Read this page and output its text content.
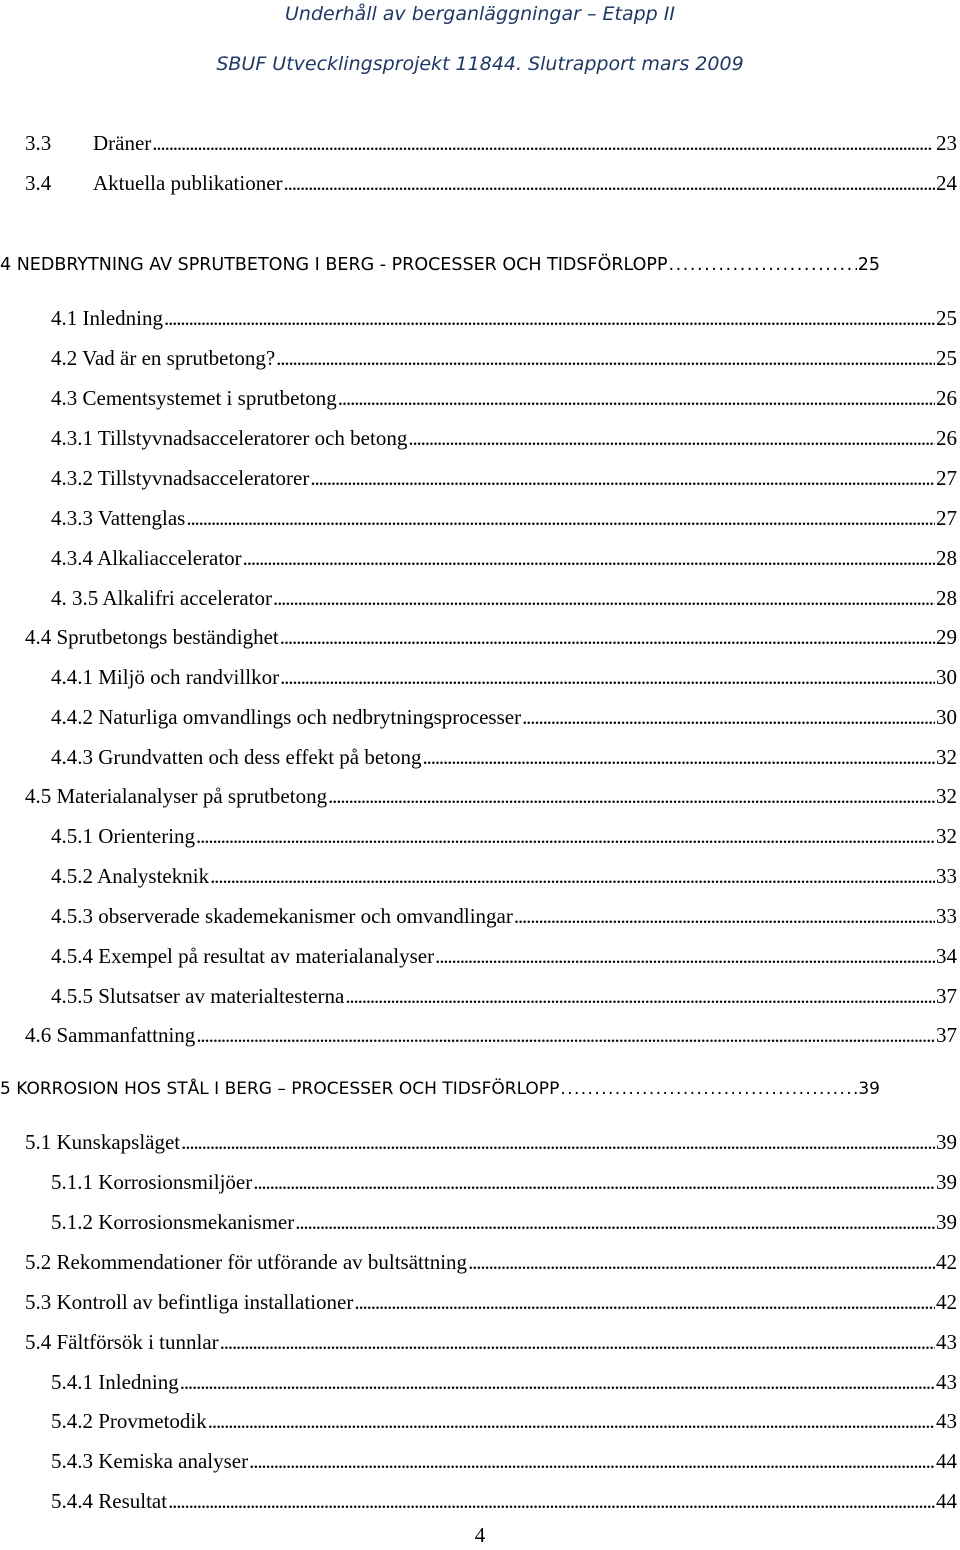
Underhåll av berganläggningar – Etapp II
SBUF Utvecklingsprojekt 11844. Slutrapport mars 2009
3.3 Dräner . . .	23
3.4 Aktuella publikationer . . .	24
4 NEDBRYTNING AV SPRUTBETONG I BERG - PROCESSER OCH TIDSFÖRLOPP . . .	25
4.1 Inledning . . .	25
4.2 Vad är en sprutbetong? . . .	25
4.3 Cementsystemet i sprutbetong . . .	26
4.3.1 Tillstyvnadsacceleratorer och betong . . .	26
4.3.2 Tillstyvnadsacceleratorer . . .	27
4.3.3 Vattenglas . . .	27
4.3.4 Alkaliaccelerator . . .	28
4. 3.5 Alkalifri accelerator . . .	28
4.4 Sprutbetongs beständighet . . .	29
4.4.1 Miljö och randvillkor . . .	30
4.4.2 Naturliga omvandlings och nedbrytningsprocesser . . .	30
4.4.3 Grundvatten och dess effekt på betong . . .	32
4.5 Materialanalyser på sprutbetong . . .	32
4.5.1 Orientering . . .	32
4.5.2 Analysteknik . . .	33
4.5.3 observerade skademekanismer och omvandlingar . . .	33
4.5.4 Exempel på resultat av materialanalyser . . .	34
4.5.5 Slutsatser av materialtesterna . . .	37
4.6 Sammanfattning . . .	37
5 KORROSION HOS STÅL I BERG – PROCESSER OCH TIDSFÖRLOPP . . .	39
5.1 Kunskapsläget . . .	39
5.1.1 Korrosionsmiljöer . . .	39
5.1.2 Korrosionsmekanismer . . .	39
5.2 Rekommendationer för utförande av bultsättning . . .	42
5.3 Kontroll av befintliga installationer . . .	42
5.4 Fältförsök i tunnlar . . .	43
5.4.1 Inledning . . .	43
5.4.2 Provmetodik . . .	43
5.4.3 Kemiska analyser . . .	44
5.4.4 Resultat . . .	44
4
